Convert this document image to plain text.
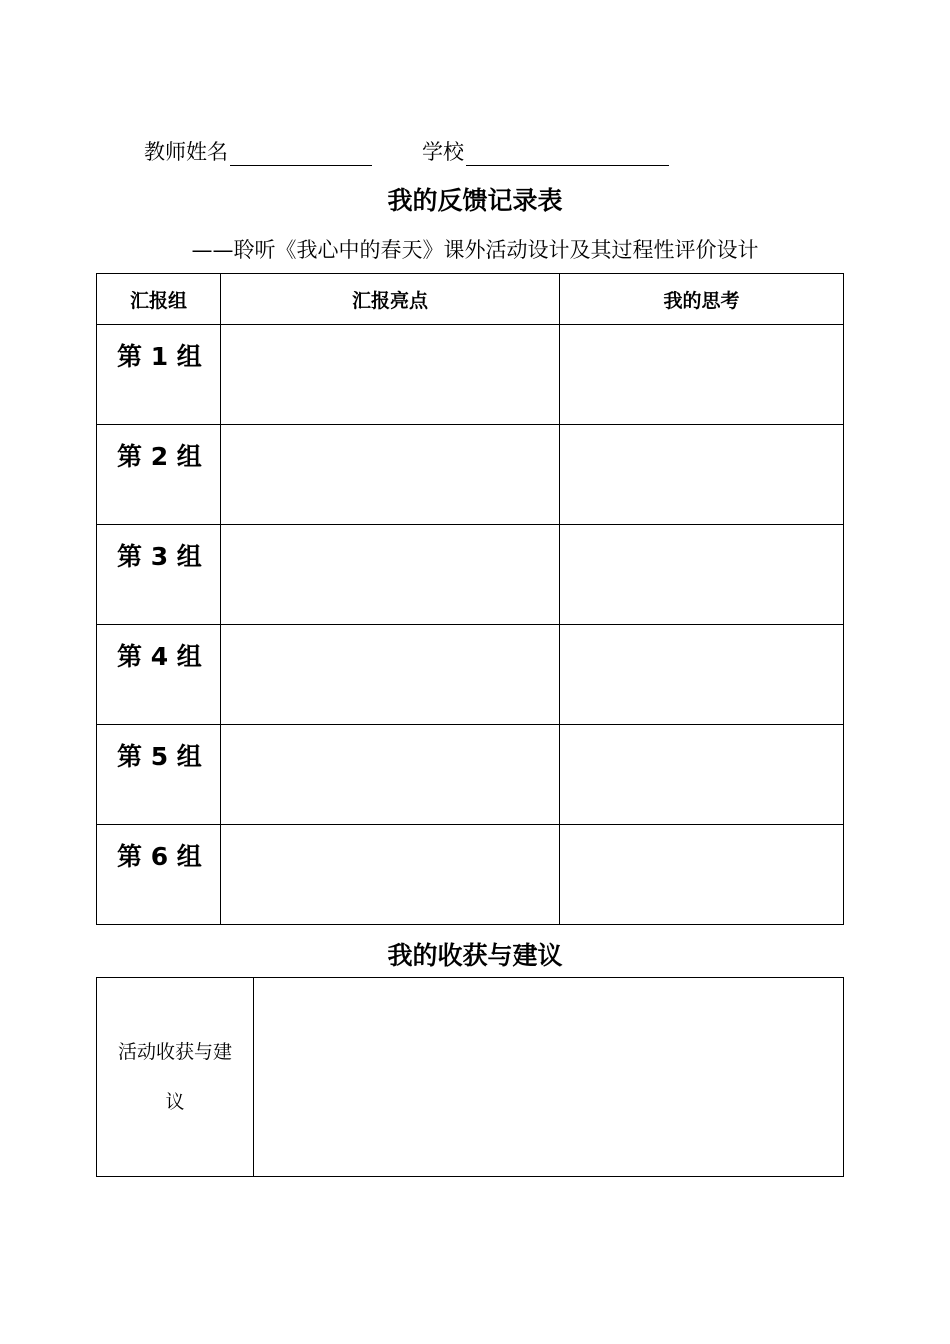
教师姓名	学校
我的反馈记录表
——聆听《我心中的春天》课外活动设计及其过程性评价设计
汇报组	汇报亮点	我的思考
第 1 组		
第 2 组		
第 3 组		
第 4 组		
第 5 组		
第 6 组		
我的收获与建议
活动收获与建议	
